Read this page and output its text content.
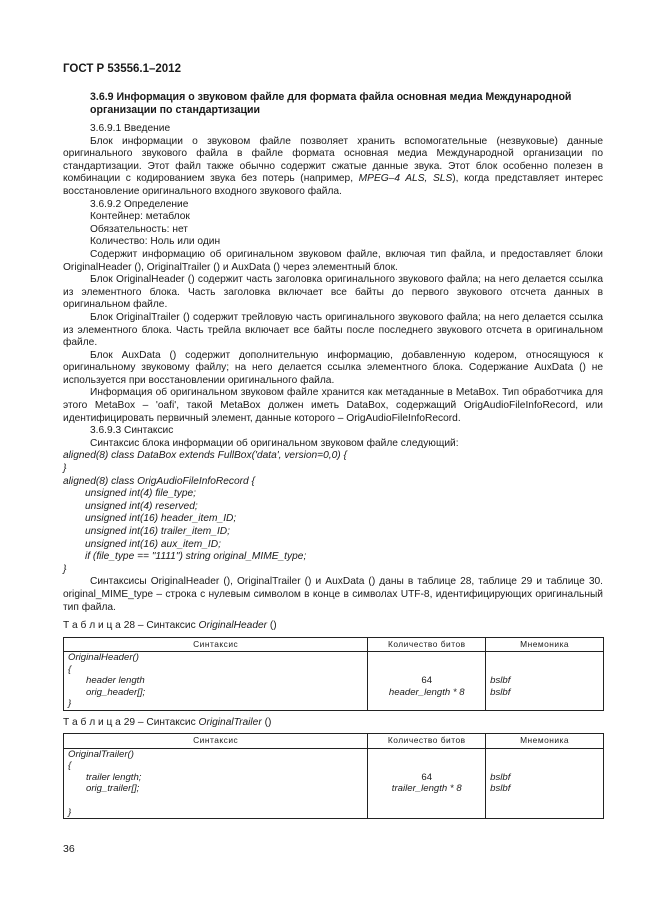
ГОСТ Р 53556.1–2012
3.6.9 Информация о звуковом файле для формата файла основная медиа Международной организации по стандартизации
3.6.9.1 Введение
Блок информации о звуковом файле позволяет хранить вспомогательные (незвуковые) данные оригинального звукового файла в файле формата основная медиа Международной организации по стандартизации. Этот файл также обычно содержит сжатые данные звука. Этот блок особенно полезен в комбинации с кодированием звука без потерь (например, MPEG–4 ALS, SLS), когда представляет интерес восстановление оригинального входного звукового файла.
3.6.9.2 Определение
Контейнер: метаблок
Обязательность: нет
Количество: Ноль или один
Содержит информацию об оригинальном звуковом файле, включая тип файла, и предоставляет блоки OriginalHeader (), OriginalTrailer () и AuxData () через элементный блок.
Блок OriginalHeader () содержит часть заголовка оригинального звукового файла; на него делается ссылка из элементного блока. Часть заголовка включает все байты до первого звукового отсчета данных в оригинальном файле.
Блок OriginalTrailer () содержит трейловую часть оригинального звукового файла; на него делается ссылка из элементного блока. Часть трейла включает все байты после последнего звукового отсчета в оригинальном файле.
Блок AuxData () содержит дополнительную информацию, добавленную кодером, относящуюся к оригинальному звуковому файлу; на него делается ссылка элементного блока. Содержание AuxData () не используется при восстановлении оригинального файла.
Информация об оригинальном звуковом файле хранится как метаданные в MetaBox. Тип обработчика для этого MetaBox – 'oafi', такой MetaBox должен иметь DataBox, содержащий OrigAudioFileInfoRecord, или идентифицировать первичный элемент, данные которого – OrigAudioFileInfoRecord.
3.6.9.3 Синтаксис
Синтаксис блока информации об оригинальном звуковом файле следующий:
aligned(8) class DataBox extends FullBox('data', version=0,0) {
}
aligned(8) class OrigAudioFileInfoRecord {
unsigned int(4) file_type;
unsigned int(4) reserved;
unsigned int(16) header_item_ID;
unsigned int(16) trailer_item_ID;
unsigned int(16) aux_item_ID;
if (file_type == "1111") string original_MIME_type;
}
Синтаксисы OriginalHeader (), OriginalTrailer () и AuxData () даны в таблице 28, таблице 29 и таблице 30. original_MIME_type – строка с нулевым символом в конце в символах UTF-8, идентифицирующих оригинальный тип файла.
Т а б л и ц а 28 – Синтаксис OriginalHeader ()
Синтаксис	Количество битов	Мнемоника
OriginalHeader()		
{		
header length	64	bslbf
orig_header[];	header_length * 8	bslbf
}		
Т а б л и ц а 29 – Синтаксис OriginalTrailer ()
Синтаксис	Количество битов	Мнемоника
OriginalTrailer()		
{		
trailer length;	64	bslbf
orig_trailer[];	trailer_length * 8	bslbf

}		
36
